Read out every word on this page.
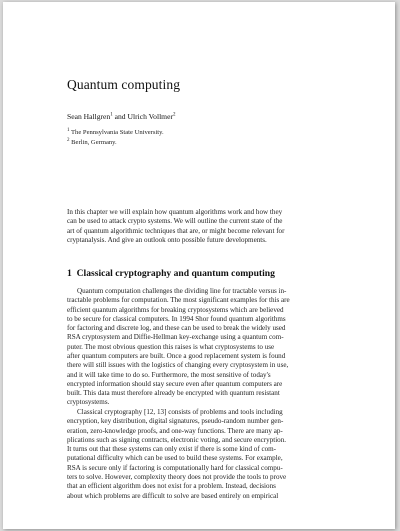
Quantum computing
Sean Hallgren$^1$ and Ulrich Vollmer$^2$
$^1$ The Pennsylvania State University.
$^2$ Berlin, Germany.
In this chapter we will explain how quantum algorithms work and how they
can be used to attack crypto systems. We will outline the current state of the
art of quantum algorithmic techniques that are, or might become relevant for
cryptanalysis. And give an outlook onto possible future developments.
1 Classical cryptography and quantum computing
Quantum computation challenges the dividing line for tractable versus in-
tractable problems for computation. The most significant examples for this are
efficient quantum algorithms for breaking cryptosystems which are believed
to be secure for classical computers. In 1994 Shor found quantum algorithms
for factoring and discrete log, and these can be used to break the widely used
RSA cryptosystem and Diffie-Hellman key-exchange using a quantum com-
puter. The most obvious question this raises is what cryptosystems to use
after quantum computers are built. Once a good replacement system is found
there will still issues with the logistics of changing every cryptosystem in use,
and it will take time to do so. Furthermore, the most sensitive of today's
encrypted information should stay secure even after quantum computers are
built. This data must therefore already be encrypted with quantum resistant
cryptosystems.
Classical cryptography [12, 13] consists of problems and tools including
encryption, key distribution, digital signatures, pseudo-random number gen-
eration, zero-knowledge proofs, and one-way functions. There are many ap-
plications such as signing contracts, electronic voting, and secure encryption.
It turns out that these systems can only exist if there is some kind of com-
putational difficulty which can be used to build these systems. For example,
RSA is secure only if factoring is computationally hard for classical compu-
ters to solve. However, complexity theory does not provide the tools to prove
that an efficient algorithm does not exist for a problem. Instead, decisions
about which problems are difficult to solve are based entirely on empirical
